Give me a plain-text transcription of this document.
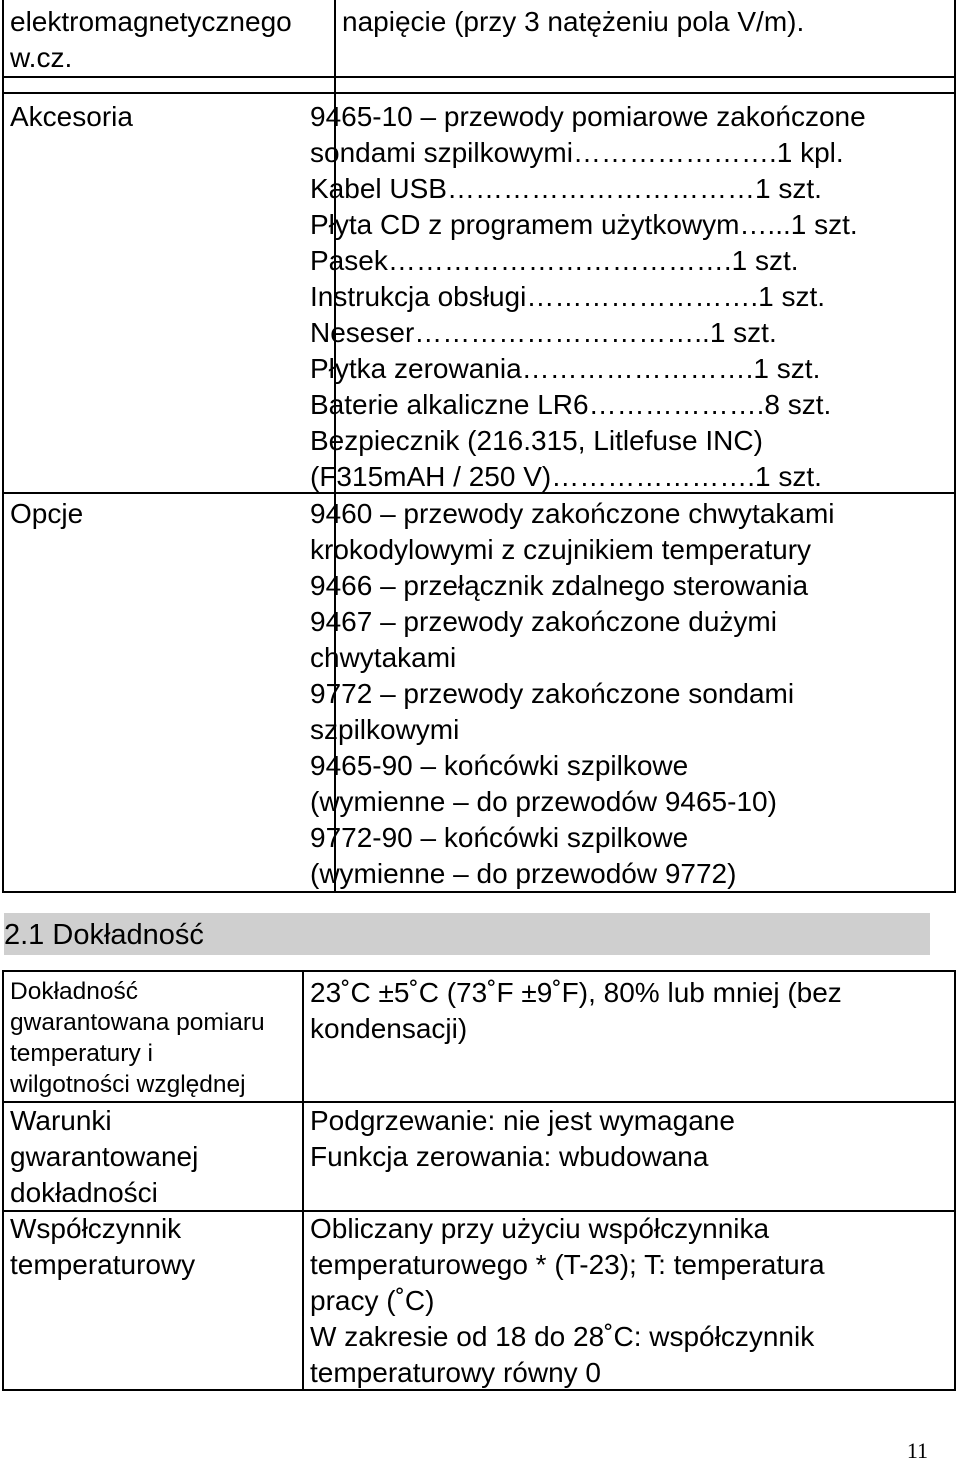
elektromagnetycznego
w.cz.
napięcie (przy 3 natężeniu pola V/m).
Akcesoria	9465-10 – przewody pomiarowe zakończone
sondami szpilkowymi………………….1 kpl.
Kabel USB……………………………1 szt.
Płyta CD z programem użytkowym…...1 szt.
Pasek……………………………….1 szt.
Instrukcja obsługi…………………….1 szt.
Neseser…………………………..1 szt.
Płytka zerowania…………………….1 szt.
Baterie alkaliczne LR6……………….8 szt.
Bezpiecznik (216.315, Litlefuse INC)
(F315mAH / 250 V)………………….1 szt.
Opcje	9460 – przewody zakończone chwytakami
krokodylowymi z czujnikiem temperatury
9466 – przełącznik zdalnego sterowania
9467 – przewody zakończone dużymi
chwytakami
9772 – przewody zakończone sondami
szpilkowymi
9465-90 – końcówki szpilkowe
(wymienne – do przewodów 9465-10)
9772-90 – końcówki szpilkowe
(wymienne – do przewodów 9772)
2.1 Dokładność
Dokładność
gwarantowana pomiaru
temperatury i
wilgotności względnej
23˚C ±5˚C (73˚F ±9˚F), 80% lub mniej (bez
kondensacji)
Warunki
gwarantowanej
dokładności
Podgrzewanie: nie jest wymagane
Funkcja zerowania: wbudowana
Współczynnik
temperaturowy
Obliczany przy użyciu współczynnika
temperaturowego * (T-23); T: temperatura
pracy (˚C)
W zakresie od 18 do 28˚C: współczynnik
temperaturowy równy 0
11
